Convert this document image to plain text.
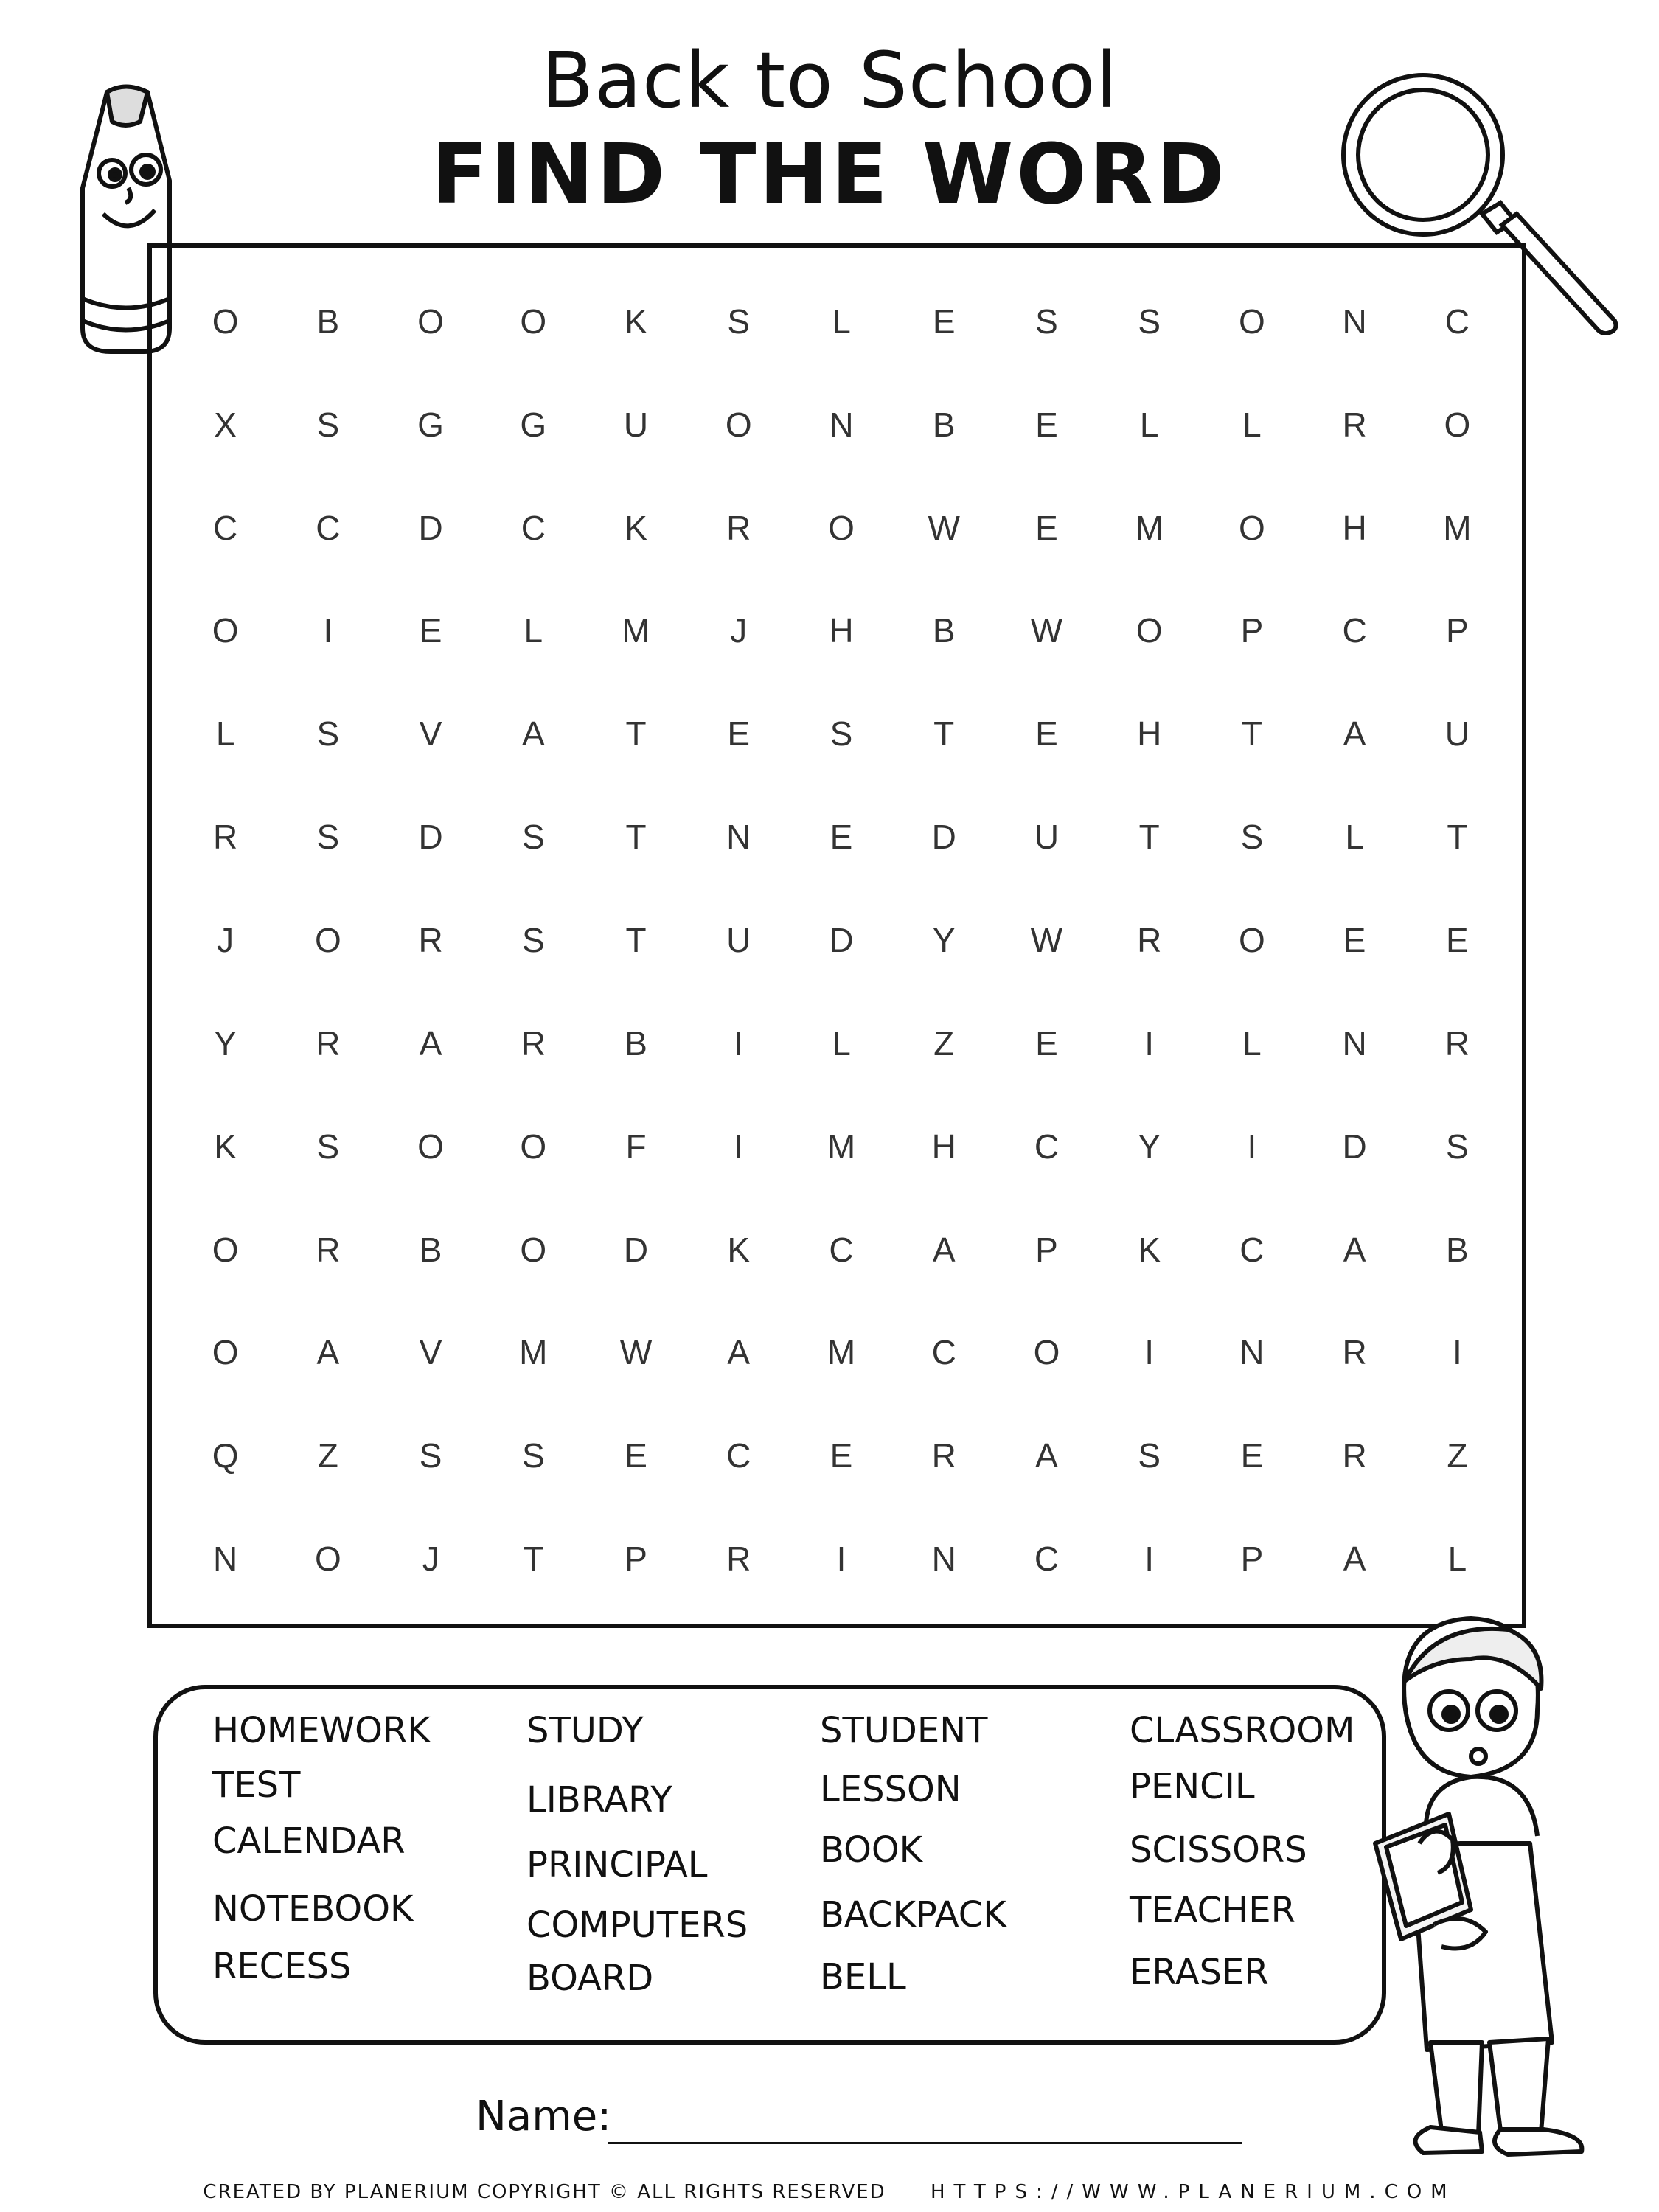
Back to School
FIND THE WORD
O	B	O	O	K	S	L	E	S	S	O	N	C
X	S	G	G	U	O	N	B	E	L	L	R	O
C	C	D	C	K	R	O	W	E	M	O	H	M
O	I	E	L	M	J	H	B	W	O	P	C	P
L	S	V	A	T	E	S	T	E	H	T	A	U
R	S	D	S	T	N	E	D	U	T	S	L	T
J	O	R	S	T	U	D	Y	W	R	O	E	E
Y	R	A	R	B	I	L	Z	E	I	L	N	R
K	S	O	O	F	I	M	H	C	Y	I	D	S
O	R	B	O	D	K	C	A	P	K	C	A	B
O	A	V	M	W	A	M	C	O	I	N	R	I
Q	Z	S	S	E	C	E	R	A	S	E	R	Z
N	O	J	T	P	R	I	N	C	I	P	A	L
HOMEWORK
TEST
CALENDAR
NOTEBOOK
RECESS
STUDY
LIBRARY
PRINCIPAL
COMPUTERS
BOARD
STUDENT
LESSON
BOOK
BACKPACK
BELL
CLASSROOM
PENCIL
SCISSORS
TEACHER
ERASER
Name:
CREATED BY PLANERIUM COPYRIGHT © ALL RIGHTS RESERVED HTTPS://WWW.PLANERIUM.COM
